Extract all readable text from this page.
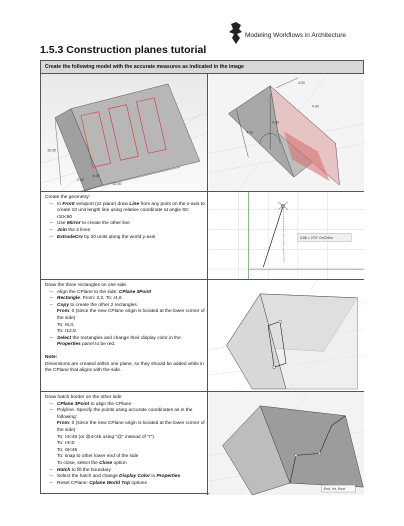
Modeling Workflows in Architecture
1.5.3 Construction planes tutorial
Create the following model with the accurate measures as indicated in the image
12.00
10.00
2.00
6.00
4.00
0.00
4.00
4.00

Create the geometry:

– In Front viewport (xz plane) draw Line from any point on the x-axis to create 10 unit length line using relative coordinate at angle 60: r10<60
– Use Mirror to create the other line
– Join the 2 lines
– ExtrudeCrv by 20 units along the world y-axis	4.86 < 270° OnOrtho

Draw the three rectangles on one side

– Align the CPlane to the side: CPlane 3Point
– Rectangle. From: 2,2, To: r4,6
– Copy to create the other 2 rectangles.
From: 0 (since the new CPlane origin is located at the lower corner of the side)
To: r6,0,
To: r12,0.
– Select the rectangles and change their display color in the Properties panel to be red.

Note:

Dimensions are created within one plane, so they should be added while in the CPlane that aligns with the side.

Draw hatch border on the other side

– CPlane 3Point to align the CPlane
– Polyline. Specify the points using accurate coordinates as in the following:
From: 0 (since the new CPlane origin is located at the lower corner of the side)
To: r4<45 (or @4<45 using "@" instead of "r")
To: r4<0
To: r8<45
To: snap to other lower end of the side
To close, select the Close option
– Hatch to fill the boundary
– Select the hatch and change Display Color in Properties
– Reset CPlane: Cplane World Top options
End, Int, Knot
